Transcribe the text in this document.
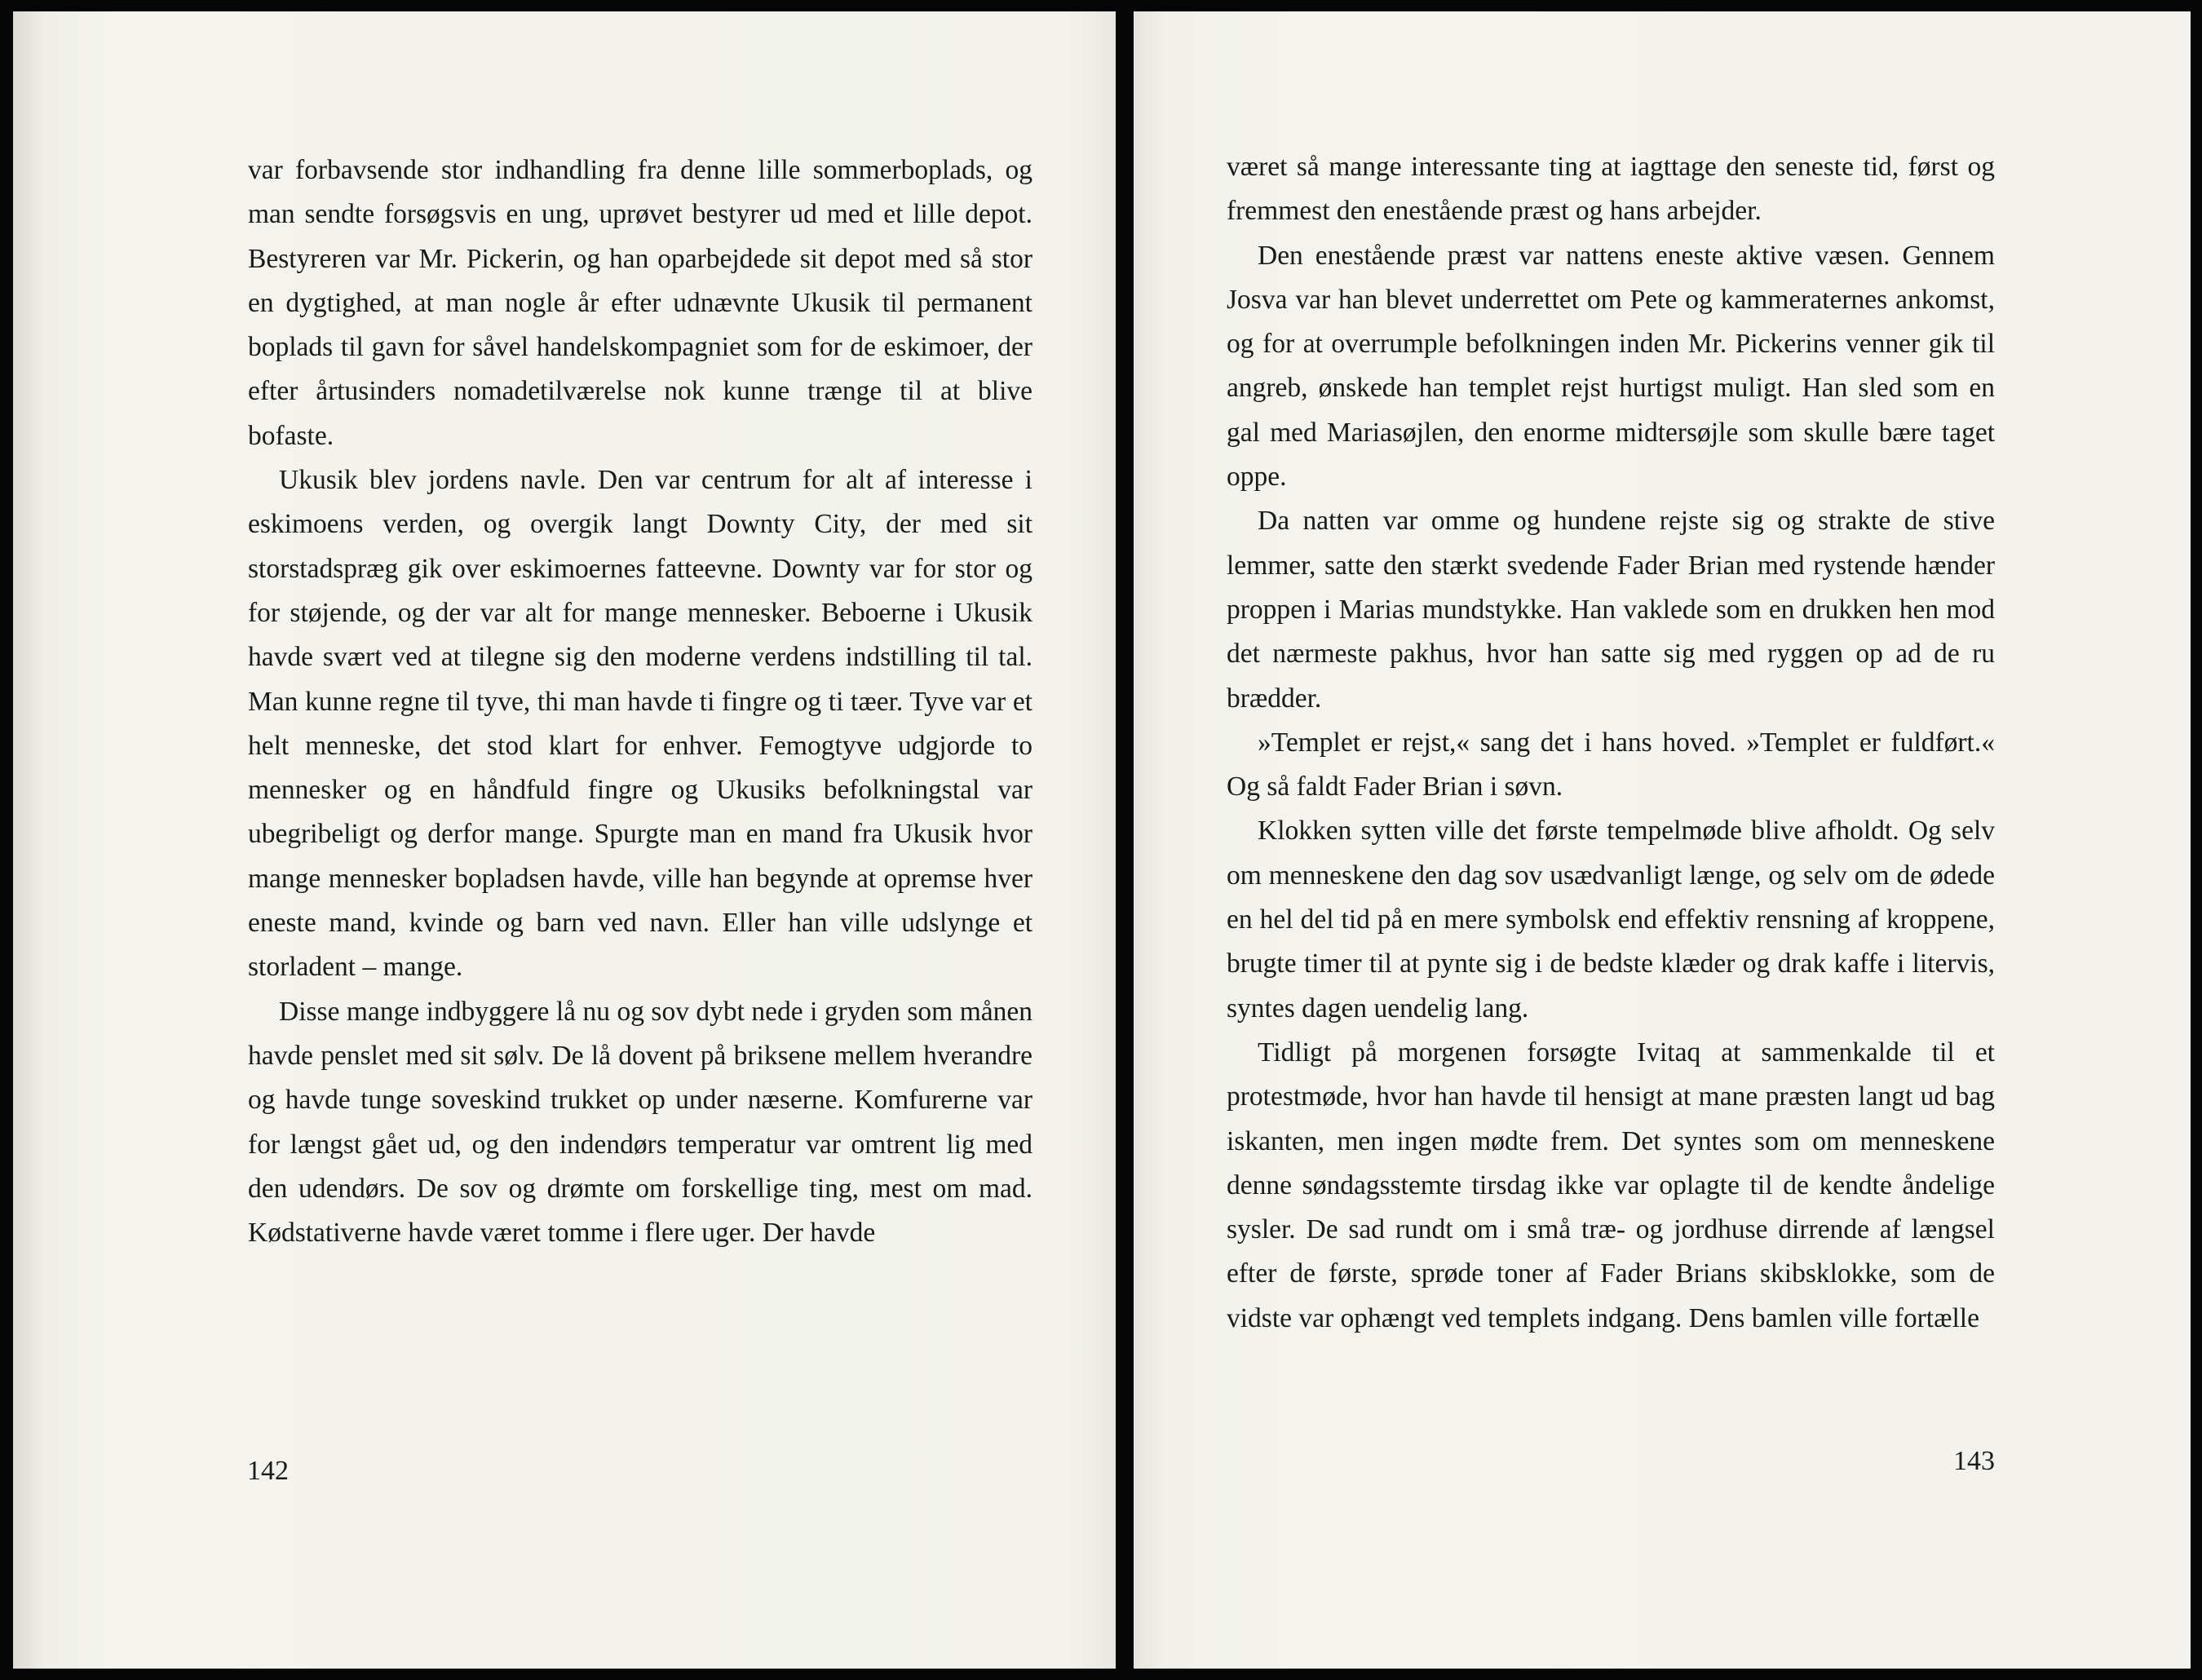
var forbavsende stor indhandling fra denne lille sommerboplads, og man sendte forsøgsvis en ung, uprøvet bestyrer ud med et lille depot. Bestyreren var Mr. Pickerin, og han oparbejdede sit depot med så stor en dygtighed, at man nogle år efter udnævnte Ukusik til permanent boplads til gavn for såvel handelskompagniet som for de eskimoer, der efter årtusinders nomadetilværelse nok kunne trænge til at blive bofaste.

Ukusik blev jordens navle. Den var centrum for alt af interesse i eskimoens verden, og overgik langt Downty City, der med sit storstadspræg gik over eskimoernes fatteevne. Downty var for stor og for støjende, og der var alt for mange mennesker. Beboerne i Ukusik havde svært ved at tilegne sig den moderne verdens indstilling til tal. Man kunne regne til tyve, thi man havde ti fingre og ti tæer. Tyve var et helt menneske, det stod klart for enhver. Femogtyve udgjorde to mennesker og en håndfuld fingre og Ukusiks befolkningstal var ubegribeligt og derfor mange. Spurgte man en mand fra Ukusik hvor mange mennesker bopladsen havde, ville han begynde at opremse hver eneste mand, kvinde og barn ved navn. Eller han ville udslynge et storladent – mange.

Disse mange indbyggere lå nu og sov dybt nede i gryden som månen havde penslet med sit sølv. De lå dovent på briksene mellem hverandre og havde tunge soveskind trukket op under næserne. Komfurerne var for længst gået ud, og den indendørs temperatur var omtrent lig med den udendørs. De sov og drømte om forskellige ting, mest om mad. Kødstativerne havde været tomme i flere uger. Der havde

142

været så mange interessante ting at iagttage den seneste tid, først og fremmest den enestående præst og hans arbejder.

Den enestående præst var nattens eneste aktive væsen. Gennem Josva var han blevet underrettet om Pete og kammeraternes ankomst, og for at overrumple befolkningen inden Mr. Pickerins venner gik til angreb, ønskede han templet rejst hurtigst muligt. Han sled som en gal med Mariasøjlen, den enorme midtersøjle som skulle bære taget oppe.

Da natten var omme og hundene rejste sig og strakte de stive lemmer, satte den stærkt svedende Fader Brian med rystende hænder proppen i Marias mundstykke. Han vaklede som en drukken hen mod det nærmeste pakhus, hvor han satte sig med ryggen op ad de ru brædder.

»Templet er rejst,« sang det i hans hoved. »Templet er fuldført.« Og så faldt Fader Brian i søvn.

Klokken sytten ville det første tempelmøde blive afholdt. Og selv om menneskene den dag sov usædvanligt længe, og selv om de ødede en hel del tid på en mere symbolsk end effektiv rensning af kroppene, brugte timer til at pynte sig i de bedste klæder og drak kaffe i litervis, syntes dagen uendelig lang.

Tidligt på morgenen forsøgte Ivitaq at sammenkalde til et protestmøde, hvor han havde til hensigt at mane præsten langt ud bag iskanten, men ingen mødte frem. Det syntes som om menneskene denne søndagsstemte tirsdag ikke var oplagte til de kendte åndelige sysler. De sad rundt om i små træ- og jordhuse dirrende af længsel efter de første, sprøde toner af Fader Brians skibsklokke, som de vidste var ophængt ved templets indgang. Dens bamlen ville fortælle

143
